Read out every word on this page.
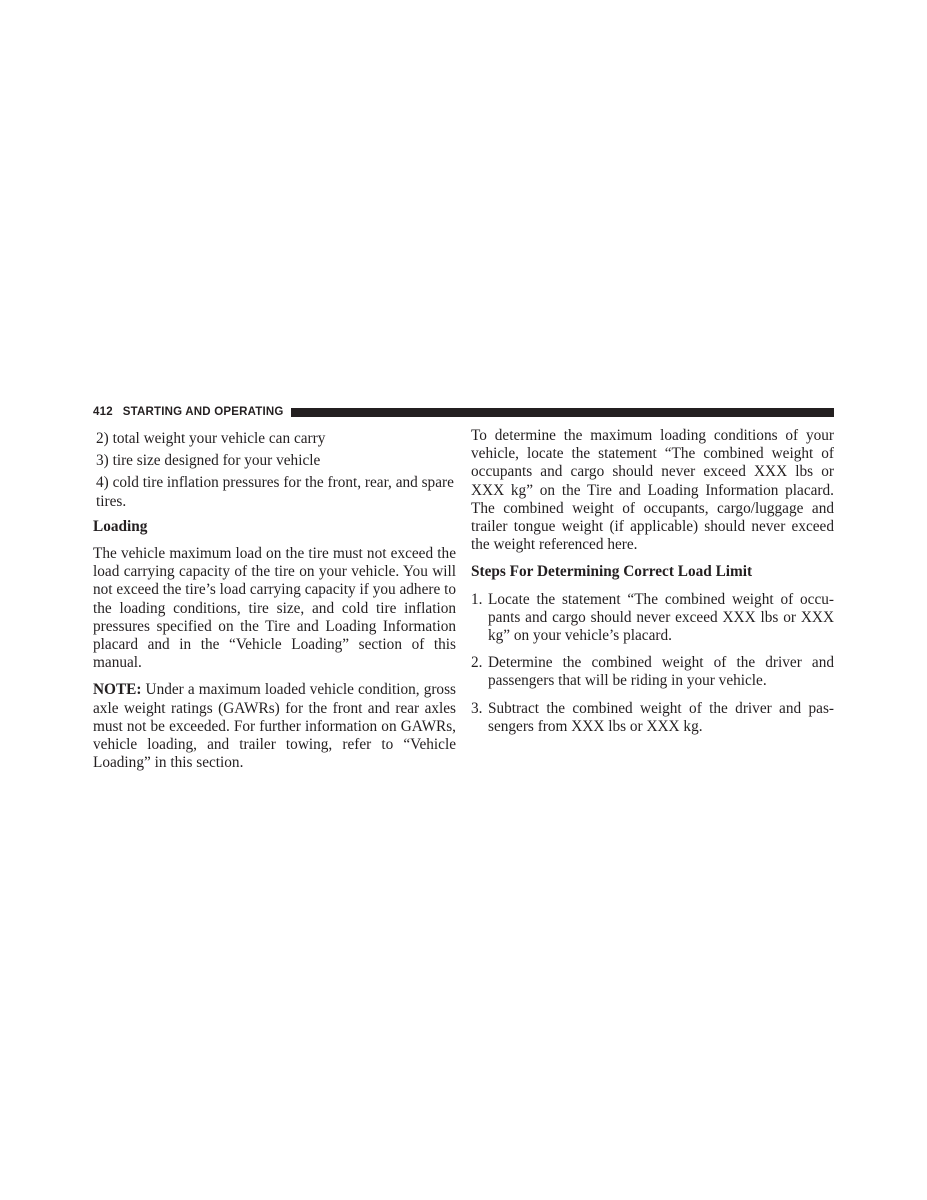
412 STARTING AND OPERATING

2) total weight your vehicle can carry

3) tire size designed for your vehicle

4) cold tire inflation pressures for the front, rear, and spare tires.

Loading

The vehicle maximum load on the tire must not exceed the load carrying capacity of the tire on your vehicle. You will not exceed the tire’s load carrying capacity if you adhere to the loading conditions, tire size, and cold tire inflation pressures specified on the Tire and Loading Information placard and in the “Vehicle Loading” section of this manual.

NOTE: Under a maximum loaded vehicle condition, gross axle weight ratings (GAWRs) for the front and rear axles must not be exceeded. For further information on GAWRs, vehicle loading, and trailer towing, refer to “Vehicle Loading” in this section.

To determine the maximum loading conditions of your vehicle, locate the statement “The combined weight of occupants and cargo should never exceed XXX lbs or XXX kg” on the Tire and Loading Information placard. The combined weight of occupants, cargo/luggage and trailer tongue weight (if applicable) should never exceed the weight referenced here.

Steps For Determining Correct Load Limit

1. Locate the statement “The combined weight of occu-pants and cargo should never exceed XXX lbs or XXX kg” on your vehicle’s placard.
2. Determine the combined weight of the driver and passengers that will be riding in your vehicle.
3. Subtract the combined weight of the driver and pas-sengers from XXX lbs or XXX kg.
